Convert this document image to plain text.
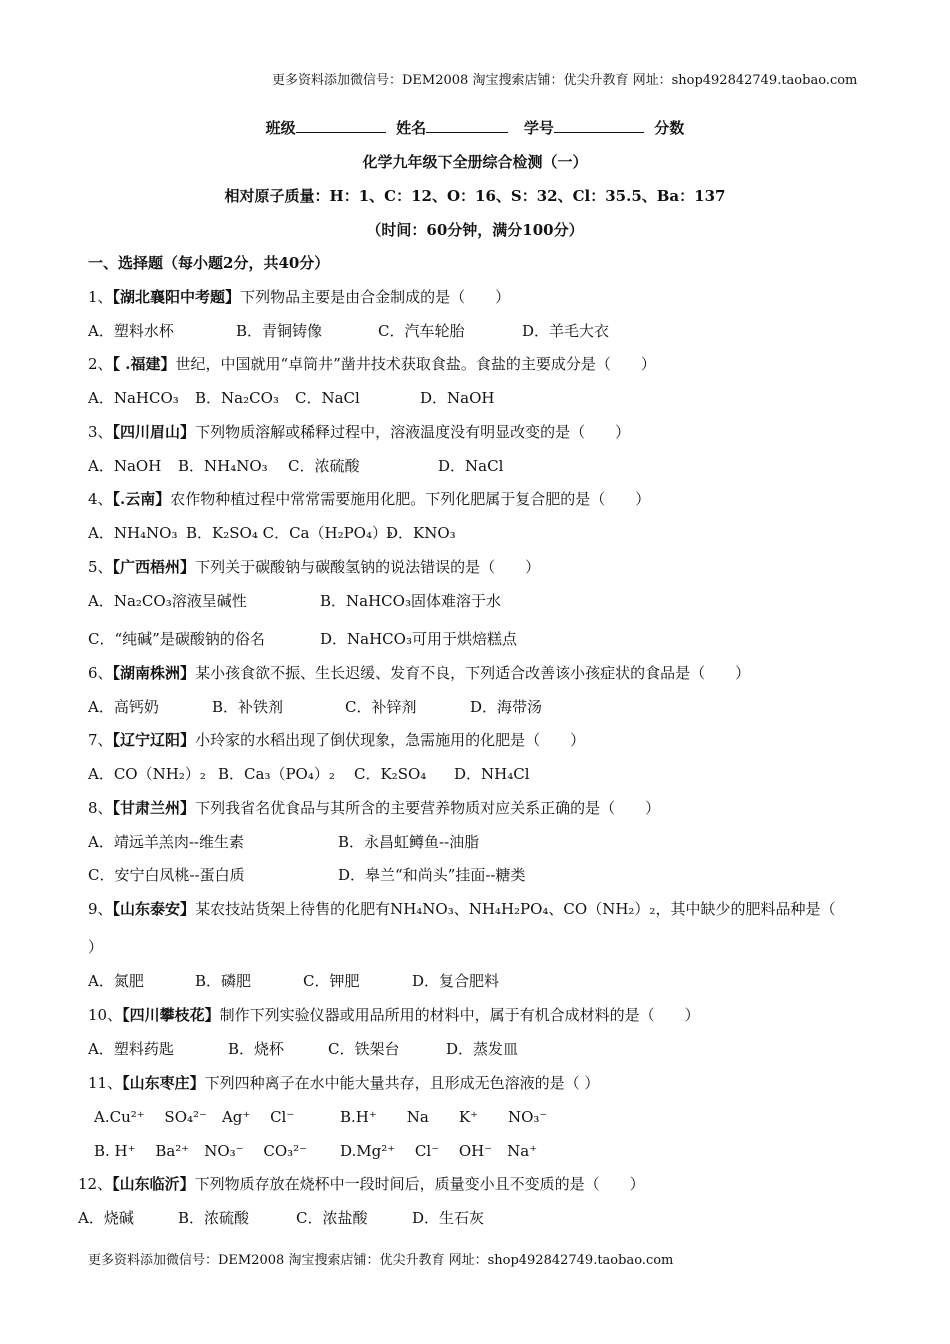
更多资料添加微信号：DEM2008 淘宝搜索店铺：优尖升教育 网址：shop492842749.taobao.com
班级	姓名	学号	分数
化学九年级下全册综合检测（一）
相对原子质量：H：1、C：12、O：16、S：32、Cl：35.5、Ba：137
（时间：60分钟，满分100分）
一、选择题（每小题2分，共40分）
1、【湖北襄阳中考题】下列物品主要是由合金制成的是（　　）
A．塑料水杯	B．青铜铸像	C．汽车轮胎	D．羊毛大衣
2、【 .福建】世纪，中国就用“卓筒井”凿井技术获取食盐。食盐的主要成分是（　　）
A．NaHCO₃ B．Na₂CO₃ C．NaCl	D．NaOH
3、【四川眉山】下列物质溶解或稀释过程中，溶液温度没有明显改变的是（　　）
A．NaOH B．NH₄NO₃ C．浓硫酸	D．NaCl
4、【.云南】农作物种植过程中常常需要施用化肥。下列化肥属于复合肥的是（　　）
A．NH₄NO₃ B．K₂SO₄ C．Ca（H₂PO₄）₂
D．KNO₃
5、【广西梧州】下列关于碳酸钠与碳酸氢钠的说法错误的是（　　）
A．Na₂CO₃溶液呈碱性	B．NaHCO₃固体难溶于水
C．“纯碱”是碳酸钠的俗名	D．NaHCO₃可用于烘焙糕点
6、【湖南株洲】某小孩食欲不振、生长迟缓、发育不良，下列适合改善该小孩症状的食品是（　　）
A．高钙奶	B．补铁剂	C．补锌剂	D．海带汤
7、【辽宁辽阳】小玲家的水稻出现了倒伏现象，急需施用的化肥是（　　）
A．CO（NH₂）₂ B．Ca₃（PO₄）₂ C．K₂SO₄ D．NH₄Cl
8、【甘肃兰州】下列我省名优食品与其所含的主要营养物质对应关系正确的是（　　）
A．靖远羊羔肉--维生素	B．永昌虹鳟鱼--油脂
C．安宁白凤桃--蛋白质	D．皋兰“和尚头”挂面--糖类
9、【山东泰安】某农技站货架上待售的化肥有NH₄NO₃、NH₄H₂PO₄、CO（NH₂）₂，其中缺少的肥料品种是（
）
A．氮肥	B．磷肥	C．钾肥	D．复合肥料
10、【四川攀枝花】制作下列实验仪器或用品所用的材料中，属于有机合成材料的是（　　）
A．塑料药匙	B．烧杯	C．铁架台	D．蒸发皿
11、【山东枣庄】下列四种离子在水中能大量共存，且形成无色溶液的是（ ）
A.Cu²⁺　 SO₄²⁻　Ag⁺　 Cl⁻	B.H⁺　　Na　　K⁺　　NO₃⁻
B. H⁺　 Ba²⁺　NO₃⁻　 CO₃²⁻ D.Mg²⁺　 Cl⁻　 OH⁻　Na⁺
12、【山东临沂】下列物质存放在烧杯中一段时间后，质量变小且不变质的是（　　）
A．烧碱	B．浓硫酸	C．浓盐酸	D．生石灰
更多资料添加微信号：DEM2008 淘宝搜索店铺：优尖升教育 网址：shop492842749.taobao.com
